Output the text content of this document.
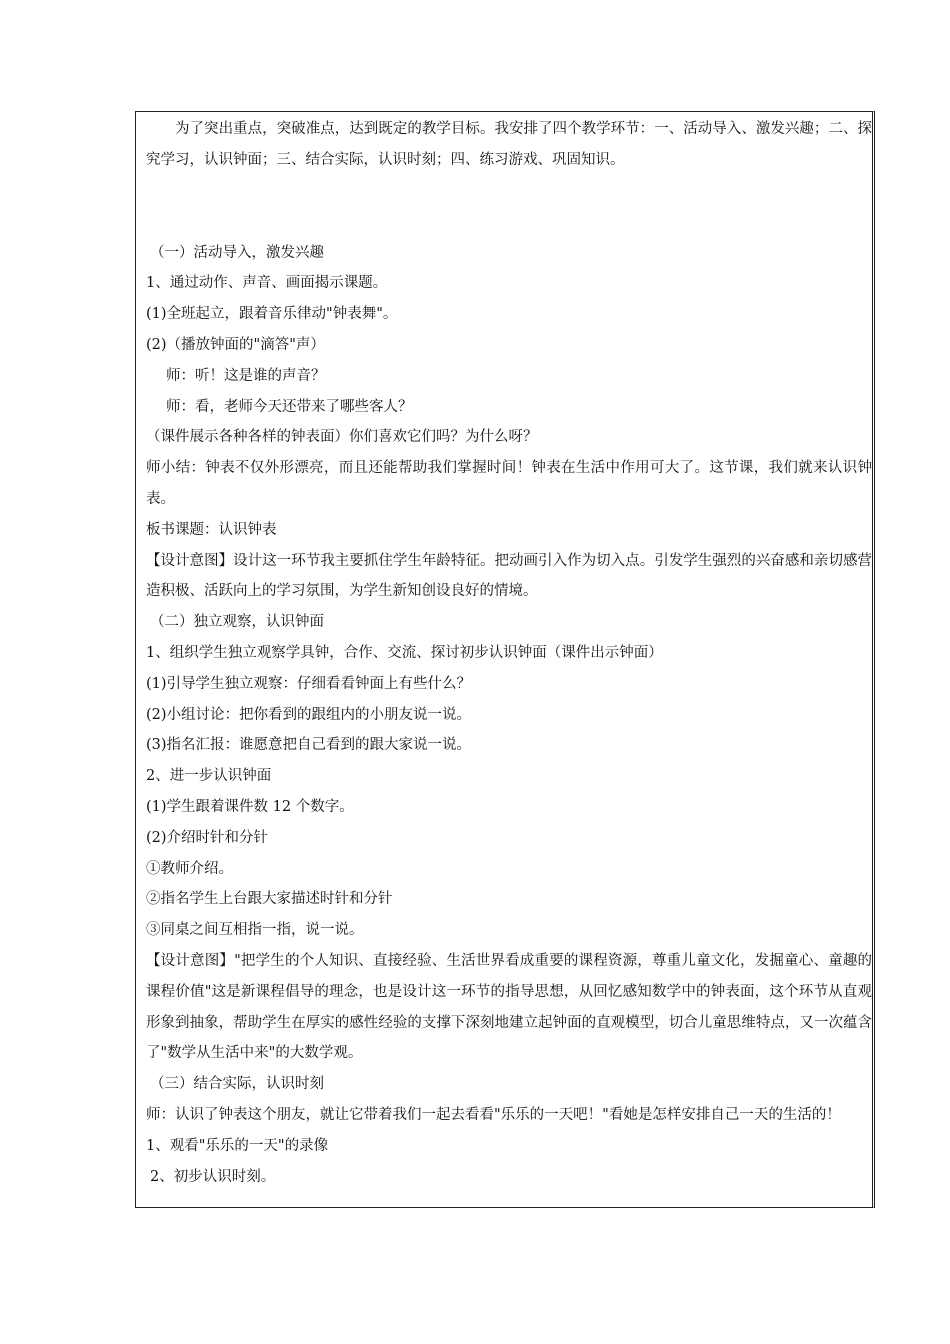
为了突出重点，突破准点，达到既定的教学目标。我安排了四个教学环节：一、活动导入、激发兴趣；二、探究学习，认识钟面；三、结合实际，认识时刻；四、练习游戏、巩固知识。

（一）活动导入，激发兴趣

1、通过动作、声音、画面揭示课题。

(1)全班起立，跟着音乐律动"钟表舞"。

(2)（播放钟面的"滴答"声）

师：听！这是谁的声音？

师：看，老师今天还带来了哪些客人？

（课件展示各种各样的钟表面）你们喜欢它们吗？为什么呀？

师小结：钟表不仅外形漂亮，而且还能帮助我们掌握时间！钟表在生活中作用可大了。这节课，我们就来认识钟表。

板书课题：认识钟表

【设计意图】设计这一环节我主要抓住学生年龄特征。把动画引入作为切入点。引发学生强烈的兴奋感和亲切感营造积极、活跃向上的学习氛围，为学生新知创设良好的情境。

（二）独立观察，认识钟面

1、组织学生独立观察学具钟，合作、交流、探讨初步认识钟面（课件出示钟面）

(1)引导学生独立观察：仔细看看钟面上有些什么？

(2)小组讨论：把你看到的跟组内的小朋友说一说。

(3)指名汇报：谁愿意把自己看到的跟大家说一说。

2、进一步认识钟面

(1)学生跟着课件数 12 个数字。

(2)介绍时针和分针

①教师介绍。

②指名学生上台跟大家描述时针和分针

③同桌之间互相指一指，说一说。

【设计意图】"把学生的个人知识、直接经验、生活世界看成重要的课程资源，尊重儿童文化，发掘童心、童趣的课程价值"这是新课程倡导的理念，也是设计这一环节的指导思想，从回忆感知数学中的钟表面，这个环节从直观形象到抽象，帮助学生在厚实的感性经验的支撑下深刻地建立起钟面的直观模型，切合儿童思维特点，又一次蕴含了"数学从生活中来"的大数学观。

（三）结合实际，认识时刻

师：认识了钟表这个朋友，就让它带着我们一起去看看"乐乐的一天吧！"看她是怎样安排自己一天的生活的！

1、观看"乐乐的一天"的录像

2、初步认识时刻。
